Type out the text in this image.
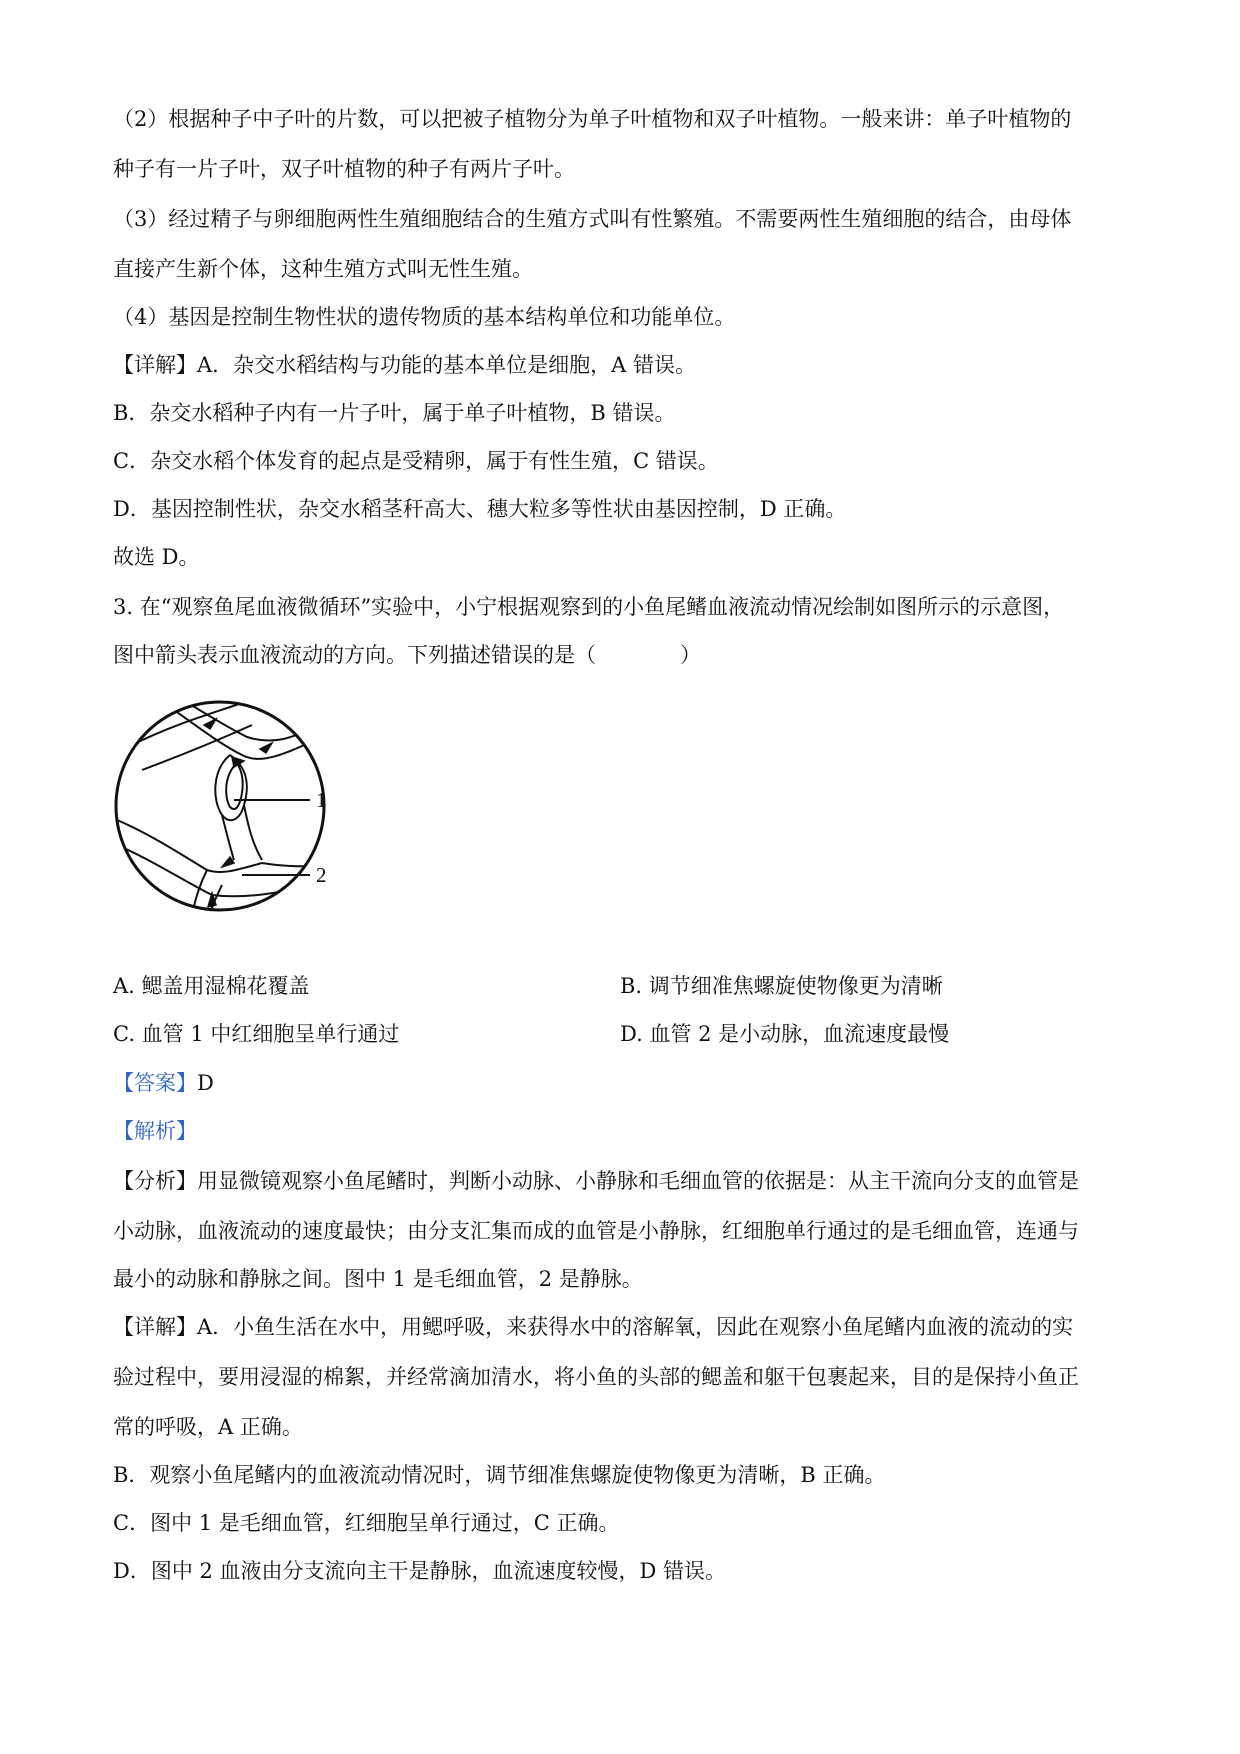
（2）根据种子中子叶的片数，可以把被子植物分为单子叶植物和双子叶植物。一般来讲：单子叶植物的
种子有一片子叶，双子叶植物的种子有两片子叶。
（3）经过精子与卵细胞两性生殖细胞结合的生殖方式叫有性繁殖。不需要两性生殖细胞的结合，由母体
直接产生新个体，这种生殖方式叫无性生殖。
（4）基因是控制生物性状的遗传物质的基本结构单位和功能单位。
【详解】A．杂交水稻结构与功能的基本单位是细胞，A 错误。
B．杂交水稻种子内有一片子叶，属于单子叶植物，B 错误。
C．杂交水稻个体发育的起点是受精卵，属于有性生殖，C 错误。
D．基因控制性状，杂交水稻茎秆高大、穗大粒多等性状由基因控制，D 正确。
故选 D。
3. 在“观察鱼尾血液微循环”实验中，小宁根据观察到的小鱼尾鳍血液流动情况绘制如图所示的示意图，
图中箭头表示血液流动的方向。下列描述错误的是（　　　　）
1
2
A. 鳃盖用湿棉花覆盖	B. 调节细准焦螺旋使物像更为清晰
C. 血管 1 中红细胞呈单行通过	D. 血管 2 是小动脉，血流速度最慢
【答案】D
【解析】
【分析】用显微镜观察小鱼尾鳍时，判断小动脉、小静脉和毛细血管的依据是：从主干流向分支的血管是
小动脉，血液流动的速度最快；由分支汇集而成的血管是小静脉，红细胞单行通过的是毛细血管，连通与
最小的动脉和静脉之间。图中 1 是毛细血管，2 是静脉。
【详解】A．小鱼生活在水中，用鳃呼吸，来获得水中的溶解氧，因此在观察小鱼尾鳍内血液的流动的实
验过程中，要用浸湿的棉絮，并经常滴加清水，将小鱼的头部的鳃盖和躯干包裹起来，目的是保持小鱼正
常的呼吸，A 正确。
B．观察小鱼尾鳍内的血液流动情况时，调节细准焦螺旋使物像更为清晰，B 正确。
C．图中 1 是毛细血管，红细胞呈单行通过，C 正确。
D．图中 2 血液由分支流向主干是静脉，血流速度较慢，D 错误。
